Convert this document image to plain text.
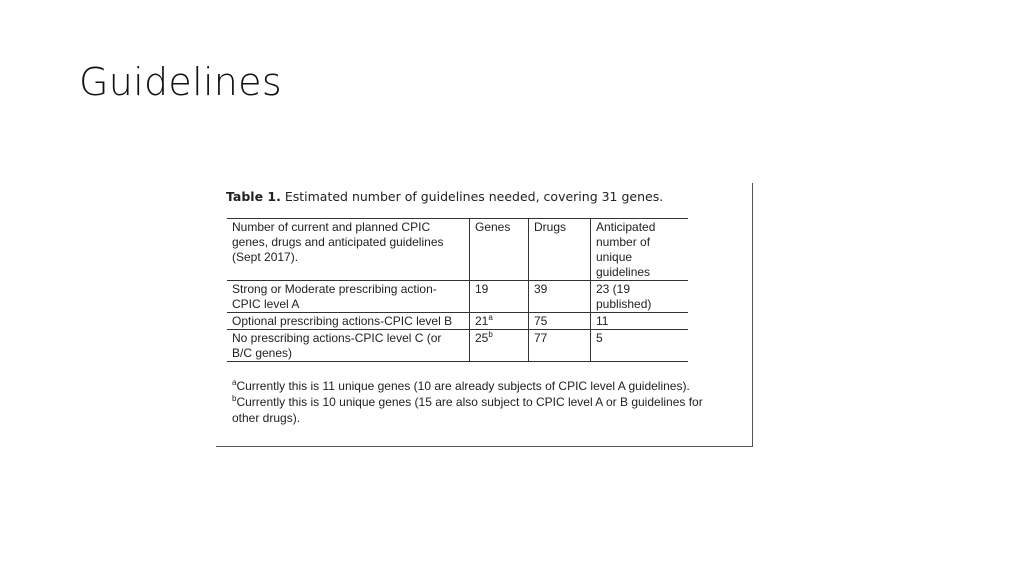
Guidelines
Table 1. Estimated number of guidelines needed, covering 31 genes.
Number of current and planned CPIC genes, drugs and anticipated guidelines (Sept 2017).	Genes	Drugs	Anticipated number of unique guidelines
Strong or Moderate prescribing action-CPIC level A	19	39	23 (19 published)
Optional prescribing actions-CPIC level B	21$^a$	75	11
No prescribing actions-CPIC level C (or B/C genes)	25$^b$	77	5
$^a$Currently this is 11 unique genes (10 are already subjects of CPIC level A guidelines). $^b$Currently this is 10 unique genes (15 are also subject to CPIC level A or B guidelines for other drugs).
